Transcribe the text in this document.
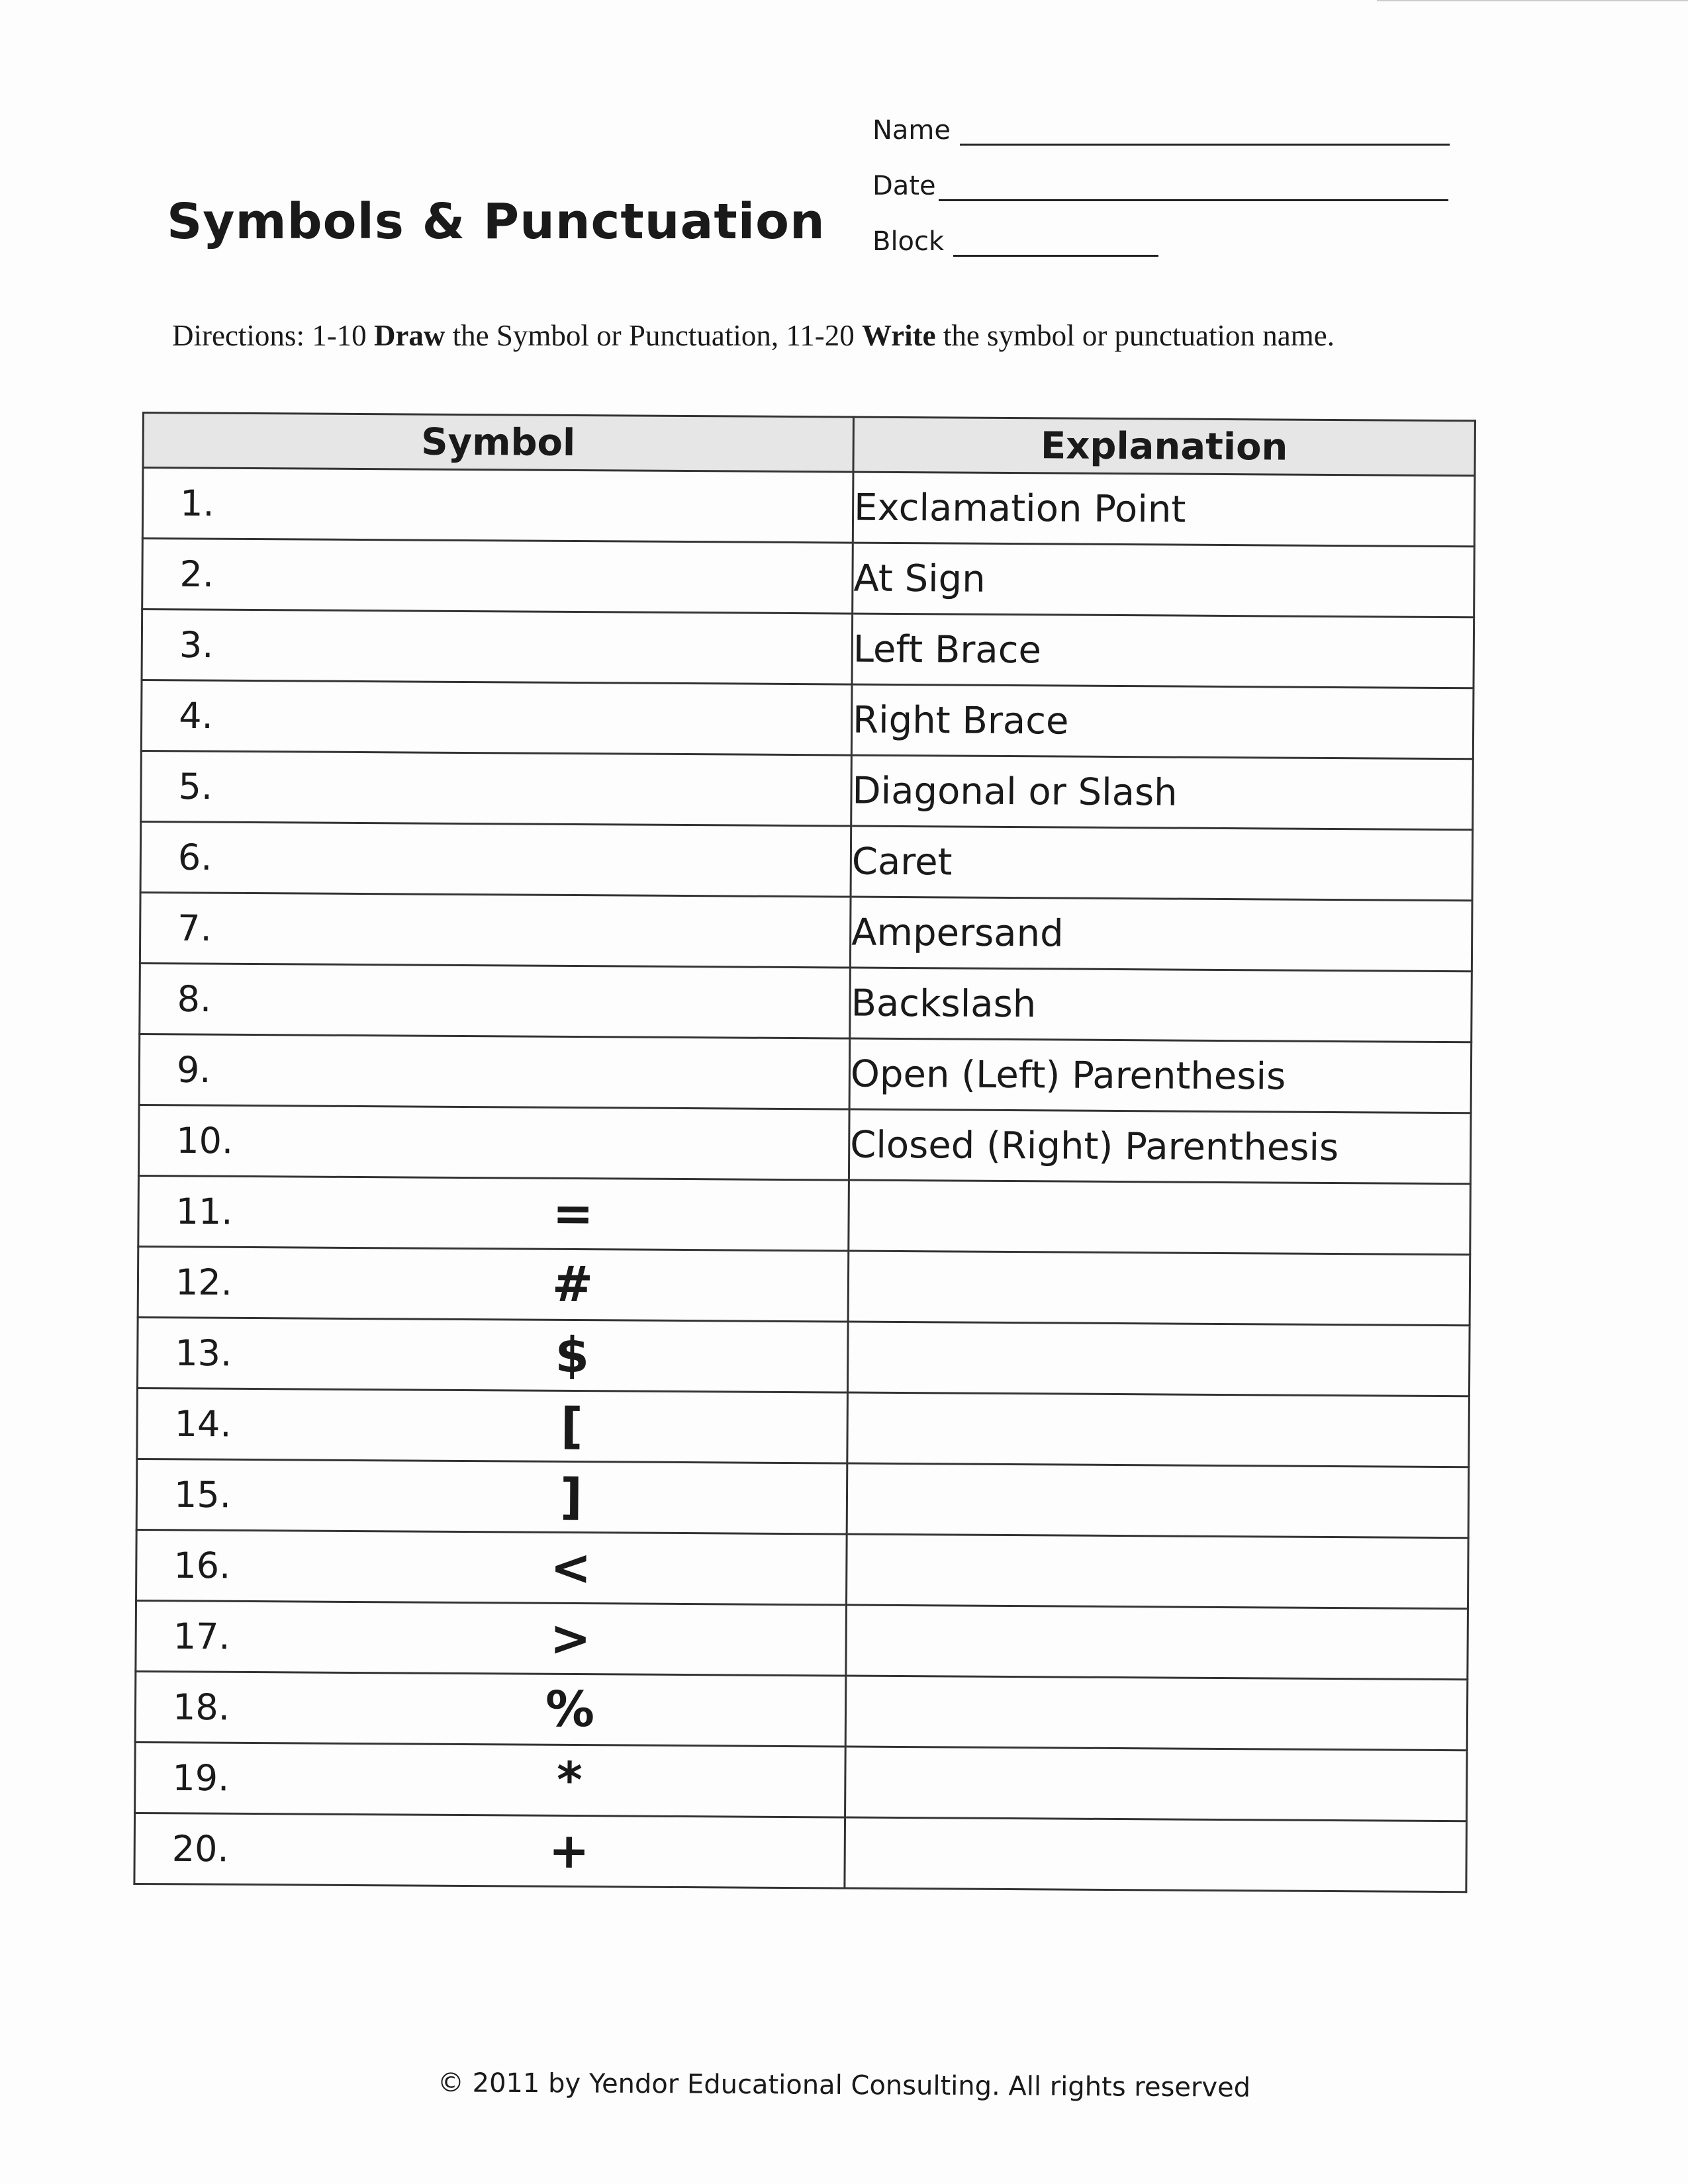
Symbols & Punctuation
Name
Date
Block
Directions: 1-10 Draw the Symbol or Punctuation, 11-20 Write the symbol or punctuation name.
Symbol	Explanation

1.	Exclamation Point

2.	At Sign

3.	Left Brace

4.	Right Brace

5.	Diagonal or Slash

6.	Caret

7.	Ampersand

8.	Backslash

9.	Open (Left) Parenthesis

10.	Closed (Right) Parenthesis

11. =	

12. #	

13. $	

14. [	

15. ]	

16. <	

17. >	

18. %	

19. *	

20. +	

© 2011 by Yendor Educational Consulting. All rights reserved
